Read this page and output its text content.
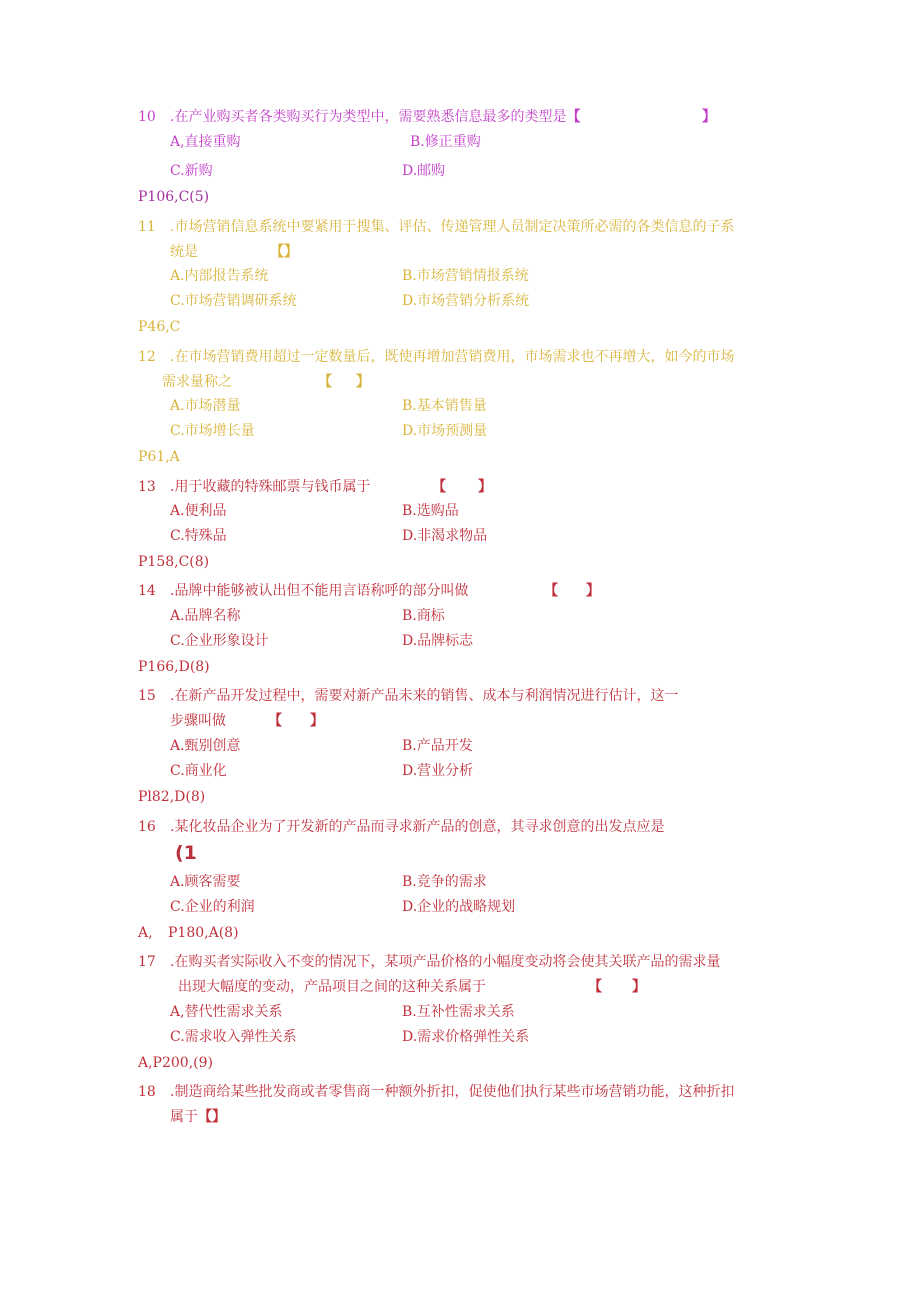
10 .在产业购买者各类购买行为类型中，需要熟悉信息最多的类型是【	】
A,直接重购	B.修正重购
C.新购	D.邮购
P106,C(5)
11 .市场营销信息系统中要紧用于搜集、评估、传递管理人员制定决策所必需的各类信息的子系
统是	【】
A.内部报告系统	B.市场营销情报系统
C.市场营销调研系统	D.市场营销分析系统
P46,C
12 .在市场营销费用超过一定数量后，既使再增加营销费用，市场需求也不再增大，如今的市场
需求量称之	【 】
A.市场潜量	B.基本销售量
C.市场增长量	D.市场预测量
P61,A
13 .用于收藏的特殊邮票与钱币属于	【 】
A.便利品	B.选购品
C.特殊品	D.非渴求物品
P158,C(8)
14 .品牌中能够被认出但不能用言语称呼的部分叫做	【 】
A.品牌名称	B.商标
C.企业形象设计	D.品牌标志
P166,D(8)
15 .在新产品开发过程中，需要对新产品未来的销售、成本与利润情况进行估计，这一
步骤叫做	【 】
A.甄别创意	B.产品开发
C.商业化	D.营业分析
Pl82,D(8)
16 .某化妆品企业为了开发新的产品而寻求新产品的创意，其寻求创意的出发点应是
(1
A.顾客需要	B.竞争的需求
C.企业的利润	D.企业的战略规划
A, P180,A(8)
17 .在购买者实际收入不变的情况下，某项产品价格的小幅度变动将会使其关联产品的需求量
出现大幅度的变动，产品项目之间的这种关系属于	【 】
A,替代性需求关系	B.互补性需求关系
C.需求收入弹性关系	D.需求价格弹性关系
A,P200,(9)
18 .制造商给某些批发商或者零售商一种额外折扣，促使他们执行某些市场营销功能，这种折扣
属于【】
